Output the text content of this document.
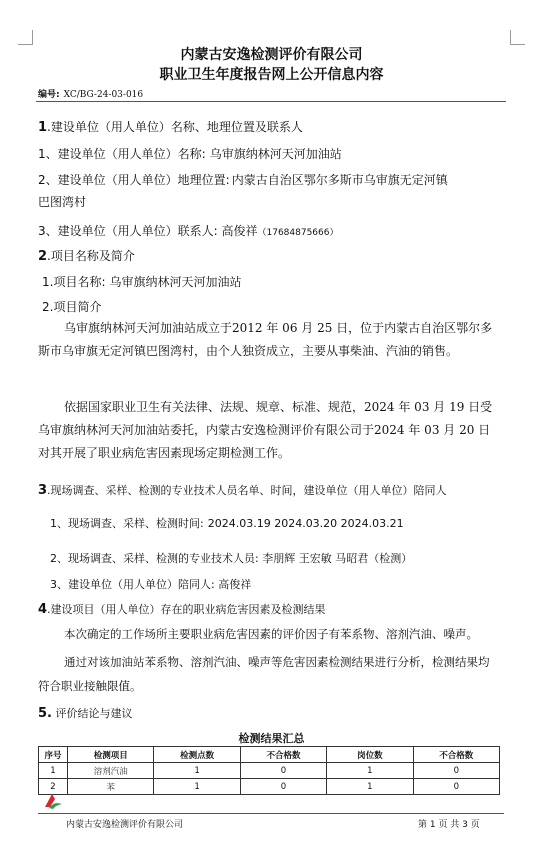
内蒙古安逸检测评价有限公司
职业卫生年度报告网上公开信息内容
编号: XC/BG-24-03-016
1.建设单位（用人单位）名称、地理位置及联系人
1、建设单位（用人单位）名称: 乌审旗纳林河天河加油站
2、建设单位（用人单位）地理位置: 内蒙古自治区鄂尔多斯市乌审旗无定河镇
巴图湾村
3、建设单位（用人单位）联系人: 高俊祥（17684875666）
2.项目名称及简介
1.项目名称: 乌审旗纳林河天河加油站
2.项目简介
乌审旗纳林河天河加油站成立于2012 年 06 月 25 日，位于内蒙古自治区鄂尔多斯市乌审旗无定河镇巴图湾村，由个人独资成立，主要从事柴油、汽油的销售。
依据国家职业卫生有关法律、法规、规章、标准、规范，2024 年 03 月 19 日受乌审旗纳林河天河加油站委托，内蒙古安逸检测评价有限公司于2024 年 03 月 20 日对其开展了职业病危害因素现场定期检测工作。
3.现场调查、采样、检测的专业技术人员名单、时间，建设单位（用人单位）陪同人
1、现场调查、采样、检测时间: 2024.03.19 2024.03.20 2024.03.21
2、现场调查、采样、检测的专业技术人员: 李朋辉 王宏敏 马昭君（检测）
3、建设单位（用人单位）陪同人: 高俊祥
4.建设项目（用人单位）存在的职业病危害因素及检测结果
本次确定的工作场所主要职业病危害因素的评价因子有苯系物、溶剂汽油、噪声。
通过对该加油站苯系物、溶剂汽油、噪声等危害因素检测结果进行分析，检测结果均符合职业接触限值。
5. 评价结论与建议
检测结果汇总
序号	检测项目	检测点数	不合格数	岗位数	不合格数
1	溶剂汽油	1	0	1	0
2	苯	1	0	1	0
内蒙古安逸检测评价有限公司	第 1 页 共 3 页
